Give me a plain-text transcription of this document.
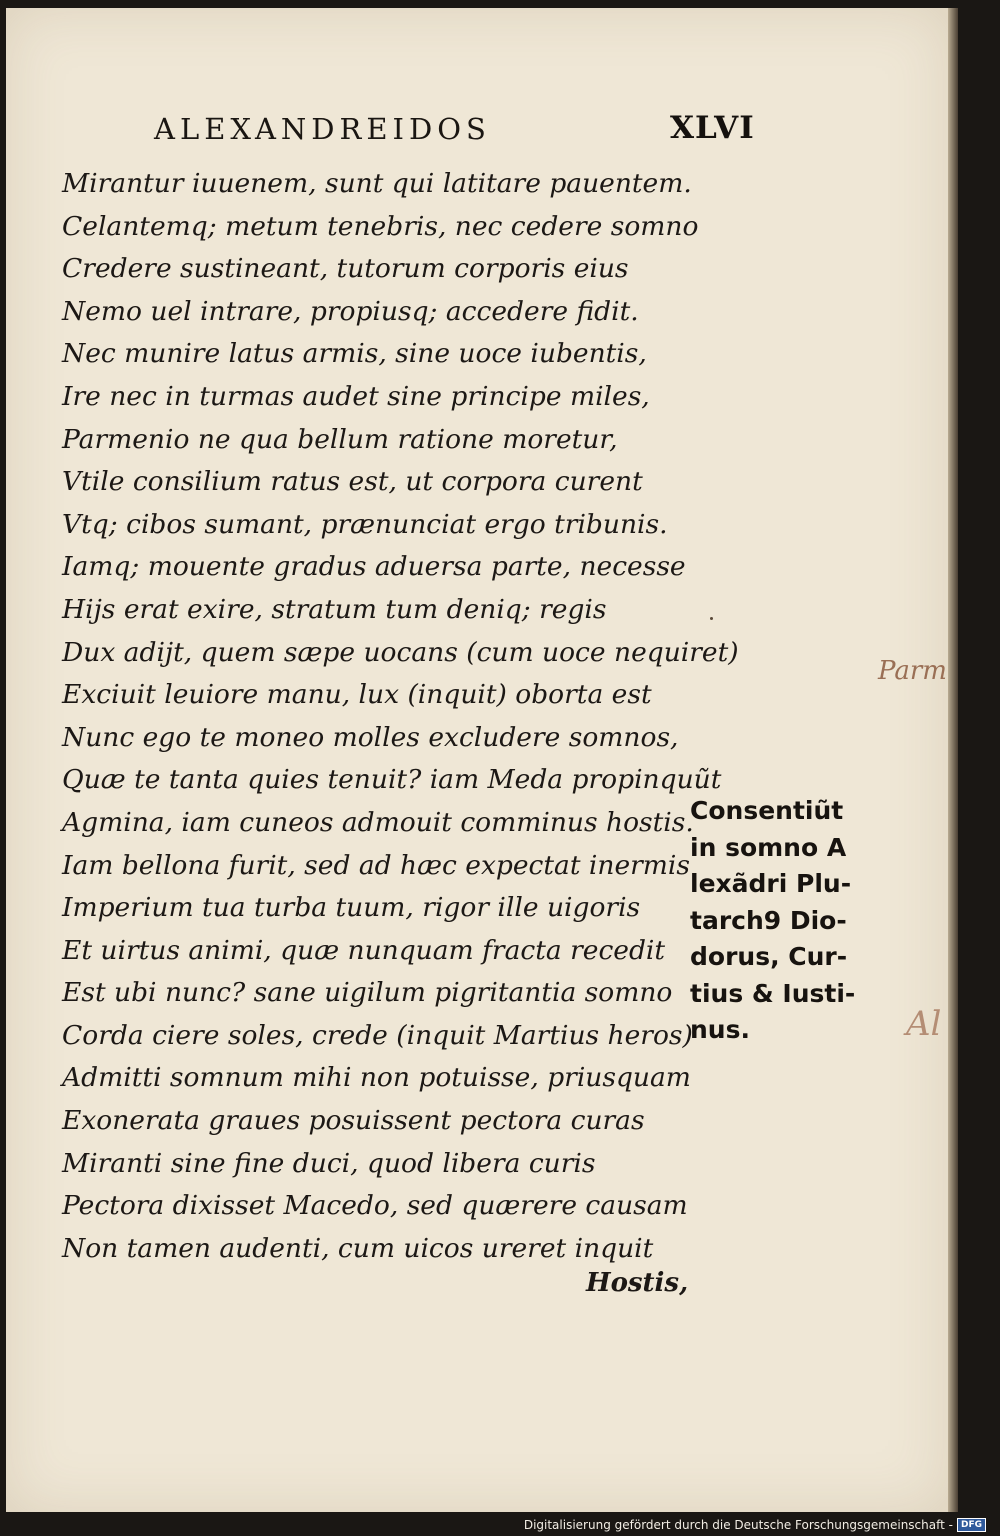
ALEXANDREIDOS	XLVI
Mirantur iuuenem, sunt qui latitare pauentem.
Celantemq; metum tenebris, nec cedere somno
Credere sustineant, tutorum corporis eius
Nemo uel intrare, propiusq; accedere fidit.
Nec munire latus armis, sine uoce iubentis,
Ire nec in turmas audet sine principe miles,
Parmenio ne qua bellum ratione moretur,
Vtile consilium ratus est, ut corpora curent
Vtq; cibos sumant, prænunciat ergo tribunis.
Iamq; mouente gradus aduersa parte, necesse
Hijs erat exire, stratum tum deniq; regis
Dux adijt, quem sæpe uocans (cum uoce nequiret)
Exciuit leuiore manu, lux (inquit) oborta est
Nunc ego te moneo molles excludere somnos,
Quæ te tanta quies tenuit? iam Meda propinquũt
Agmina, iam cuneos admouit comminus hostis.
Iam bellona furit, sed ad hæc expectat inermis
Imperium tua turba tuum, rigor ille uigoris
Et uirtus animi, quæ nunquam fracta recedit
Est ubi nunc? sane uigilum pigritantia somno
Corda ciere soles, crede (inquit Martius heros)
Admitti somnum mihi non potuisse, priusquam
Exonerata graues posuissent pectora curas
Miranti sine fine duci, quod libera curis
Pectora dixisset Macedo, sed quærere causam
Non tamen audenti, cum uicos ureret inquit
Hostis,
Consentiũt
in somno A
lexãdri Plu-
tarch9 Dio-
dorus, Cur-
tius & Iusti-
nus.
Parm
Al
Digitalisierung gefördert durch die Deutsche Forschungsgemeinschaft - DFG
